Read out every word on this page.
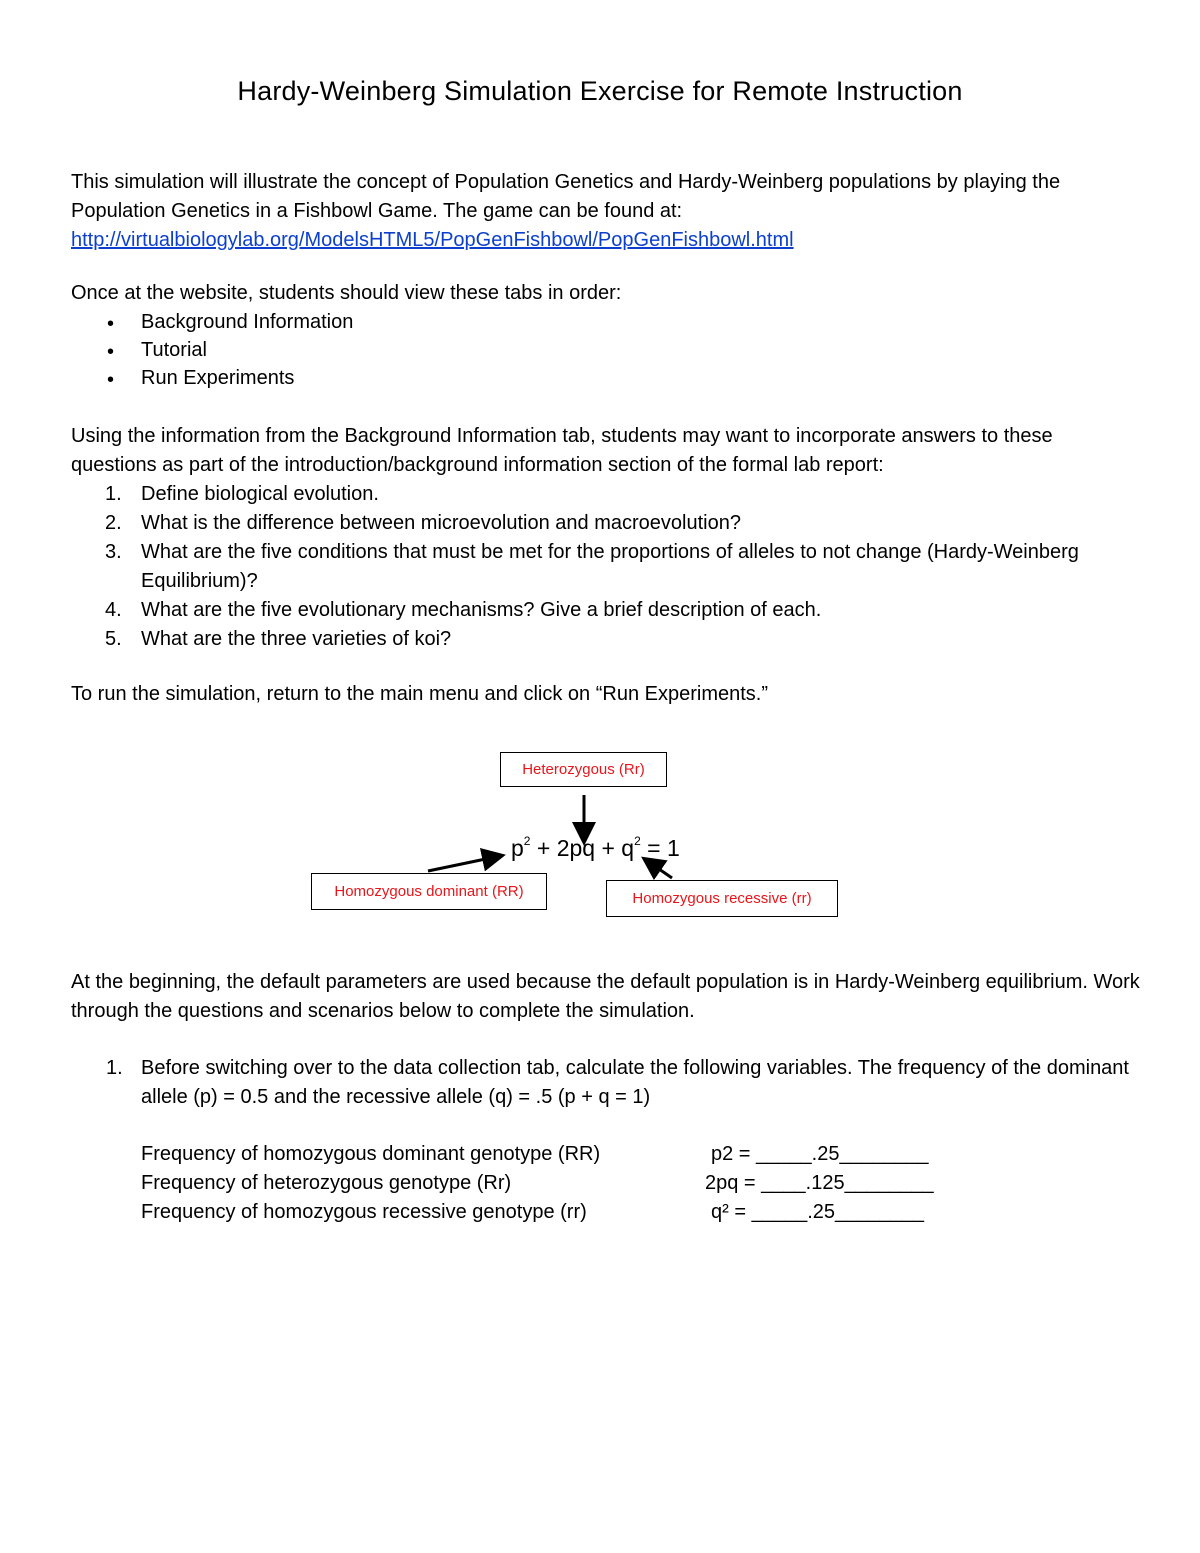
Hardy-Weinberg Simulation Exercise for Remote Instruction
This simulation will illustrate the concept of Population Genetics and Hardy-Weinberg populations by playing the Population Genetics in a Fishbowl Game. The game can be found at:
http://virtualbiologylab.org/ModelsHTML5/PopGenFishbowl/PopGenFishbowl.html
Once at the website, students should view these tabs in order:
• Background Information
• Tutorial
• Run Experiments
Using the information from the Background Information tab, students may want to incorporate answers to these questions as part of the introduction/background information section of the formal lab report:
1. Define biological evolution.
2. What is the difference between microevolution and macroevolution?
3. What are the five conditions that must be met for the proportions of alleles to not change (Hardy-Weinberg Equilibrium)?
4. What are the five evolutionary mechanisms? Give a brief description of each.
5. What are the three varieties of koi?
To run the simulation, return to the main menu and click on “Run Experiments.”
Heterozygous (Rr)
Homozygous dominant (RR)	Homozygous recessive (rr)
$p^2 + 2pq + q^2 = 1$
At the beginning, the default parameters are used because the default population is in Hardy-Weinberg equilibrium. Work through the questions and scenarios below to complete the simulation.
1. Before switching over to the data collection tab, calculate the following variables. The frequency of the dominant allele (p) = 0.5 and the recessive allele (q) = .5 (p + q = 1)
Frequency of homozygous dominant genotype (RR)	p2 = _____.25________
Frequency of heterozygous genotype (Rr)	2pq = ____.125________
Frequency of homozygous recessive genotype (rr)	q² = _____.25________
